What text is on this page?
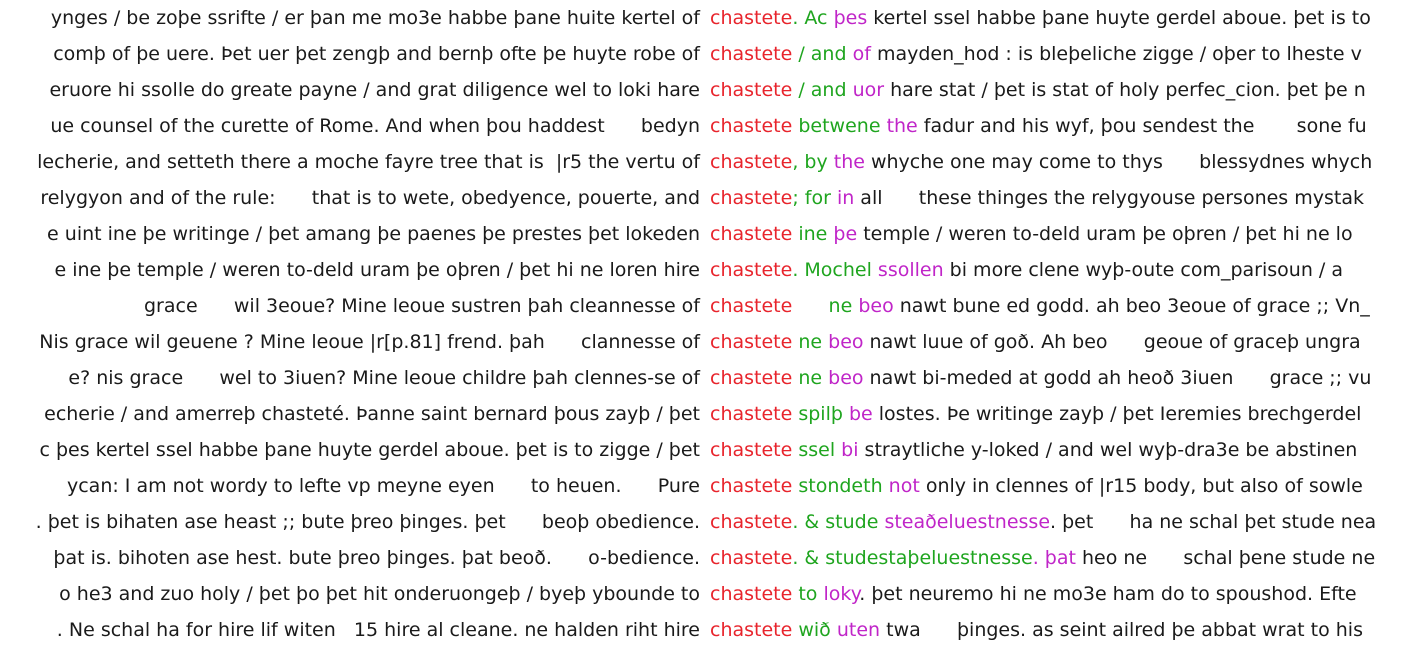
ynges / be zoþe ssrifte / er þan me mo3e habbe þane huite kertel of chastete. Ac þes kertel ssel habbe þane huyte gerdel aboue. þet is to
comþ of þe uere. Þet uer þet zengþ and bernþ ofte þe huyte robe of chastete / and of mayden_hod : is bleþeliche zigge / oþer to lheste v
eruore hi ssolle do greate payne / and grat diligence wel to loki hare chastete / and uor hare stat / þet is stat of holy perfec_cion. þet þe n
ue counsel of the curette of Rome. And when þou haddest      bedyn chastete betwene the fadur and his wyf, þou sendest the       sone fu
lecherie, and setteth there a moche fayre tree that is  |r5 the vertu of chastete, by the whyche one may come to thys      blessydnes whych
relygyon and of the rule:      that is to wete, obedyence, pouerte, and chastete; for in all      these thinges the relygyouse persones mystak
e uint ine þe writinge / þet amang þe paenes þe prestes þet lokeden chastete ine þe temple / weren to-deld uram þe oþren / þet hi ne lo
e ine þe temple / weren to-deld uram þe oþren / þet hi ne loren hire chastete. Mochel ssollen bi more clene wyþ-oute com_parisoun / a
grace      wil 3eoue? Mine leoue sustren þah cleannesse of chastete      ne beo nawt bune ed godd. ah beo 3eoue of grace ;; Vn_
Nis grace wil geuene ? Mine leoue |r[p.81] frend. þah      clannesse of chastete ne beo nawt luue of goð. Ah beo      geoue of graceþ ungra
e? nis grace      wel to 3iuen? Mine leoue childre þah clennes-se of chastete ne beo nawt bi-meded at godd ah heoð 3iuen      grace ;; vu
echerie / and amerreþ chasteté. Þanne saint bernard þous zayþ / þet chastete spilþ be lostes. Þe writinge zayþ / þet Ieremies brechgerdel
c þes kertel ssel habbe þane huyte gerdel aboue. þet is to zigge / þet chastete ssel bi straytliche y-loked / and wel wyþ-dra3e be abstinen
ycan: I am not wordy to lefte vp meyne eyen      to heuen.      Pure chastete stondeth not only in clennes of |r15 body, but also of sowle
. þet is bihaten ase heast ;; bute þreo þinges. þet      beoþ obedience. chastete. & stude steaðeluestnesse. þet      ha ne schal þet stude nea
þat is. bihoten ase hest. bute þreo þinges. þat beoð.      o-bedience. chastete. & studestaþeluestnesse. þat heo ne      schal þene stude ne
o he3 and zuo holy / þet þo þet hit onderuongeþ / byeþ ybounde to chastete to loky. þet neuremo hi ne mo3e ham do to spoushod. Efte
. Ne schal ha for hire lif witen   15 hire al cleane. ne halden riht hire chastete wið uten twa      þinges. as seint ailred þe abbat wrat to his
